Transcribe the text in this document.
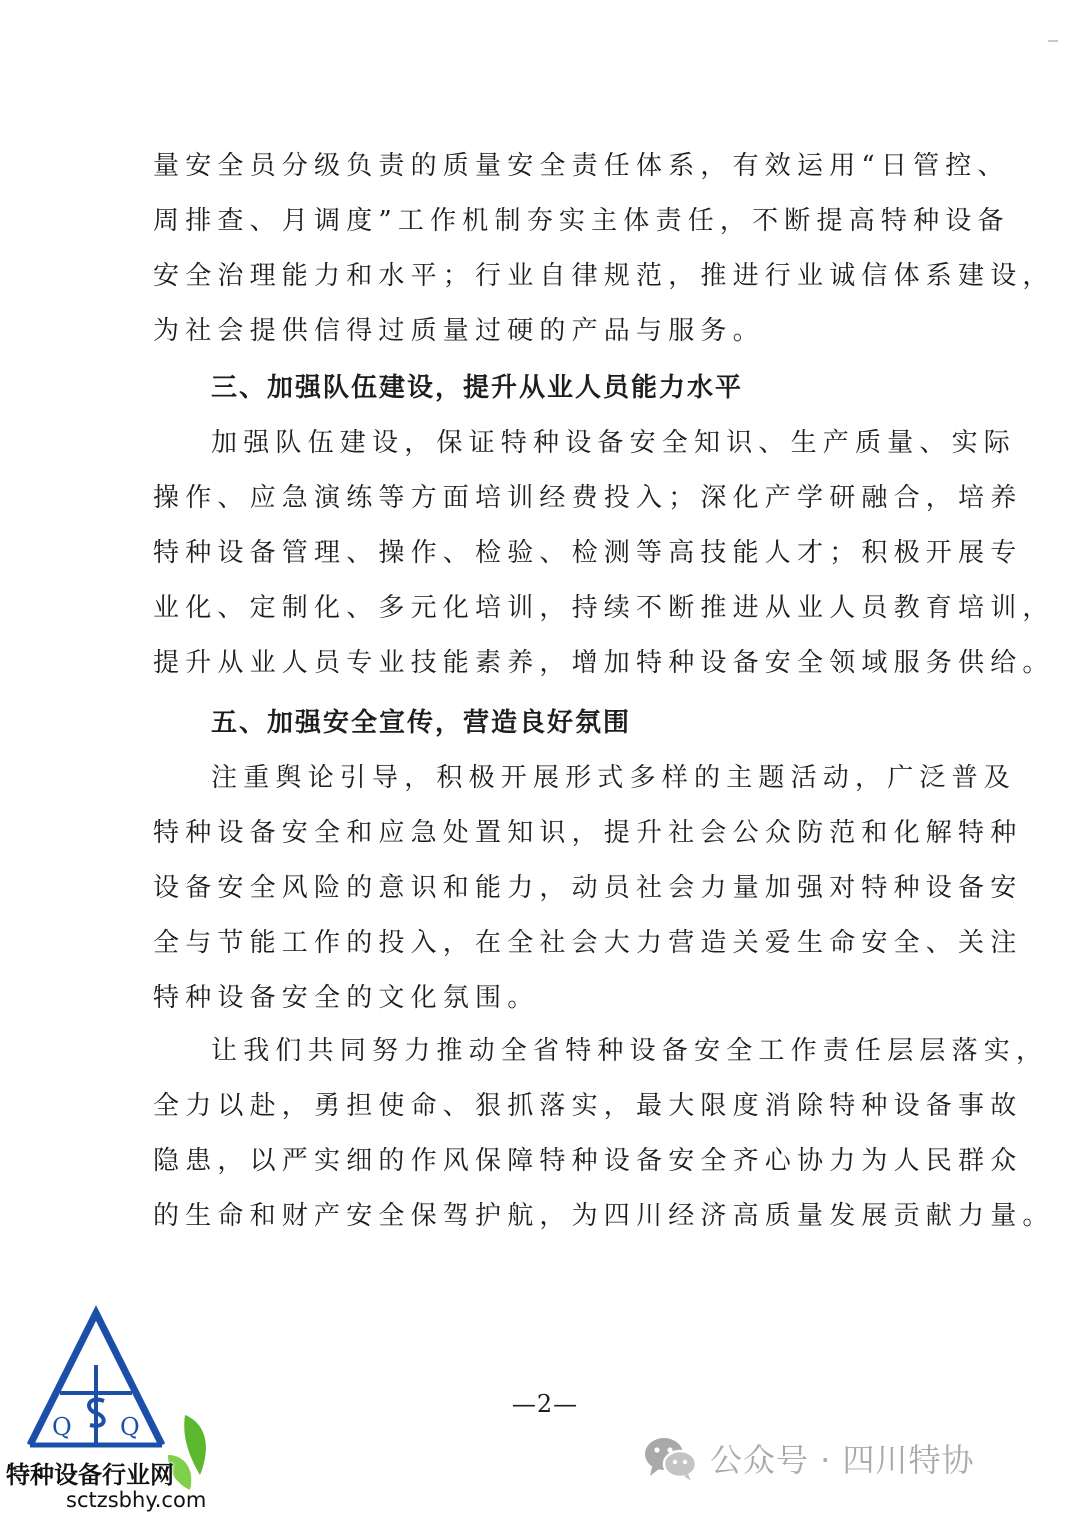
量安全员分级负责的质量安全责任体系，有效运用“日管控、
周排查、月调度”工作机制夯实主体责任，不断提高特种设备
安全治理能力和水平；行业自律规范，推进行业诚信体系建设，
为社会提供信得过质量过硬的产品与服务。
三、加强队伍建设，提升从业人员能力水平
加强队伍建设，保证特种设备安全知识、生产质量、实际
操作、应急演练等方面培训经费投入；深化产学研融合，培养
特种设备管理、操作、检验、检测等高技能人才；积极开展专
业化、定制化、多元化培训，持续不断推进从业人员教育培训，
提升从业人员专业技能素养，增加特种设备安全领域服务供给。
五、加强安全宣传，营造良好氛围
注重舆论引导，积极开展形式多样的主题活动，广泛普及
特种设备安全和应急处置知识，提升社会公众防范和化解特种
设备安全风险的意识和能力，动员社会力量加强对特种设备安
全与节能工作的投入，在全社会大力营造关爱生命安全、关注
特种设备安全的文化氛围。
让我们共同努力推动全省特种设备安全工作责任层层落实，
全力以赴，勇担使命、狠抓落实，最大限度消除特种设备事故
隐患，以严实细的作风保障特种设备安全齐心协力为人民群众
的生命和财产安全保驾护航，为四川经济高质量发展贡献力量。
—2—
Q Q
特种设备行业网
sctzsbhy.com
公众号 · 四川特协
